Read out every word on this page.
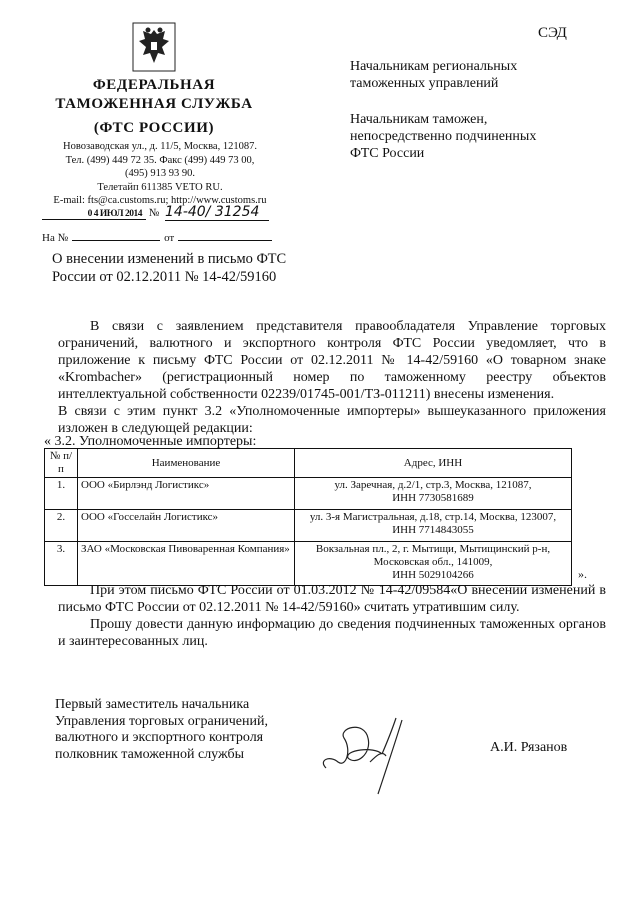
ФЕДЕРАЛЬНАЯ
ТАМОЖЕННАЯ СЛУЖБА
(ФТС РОССИИ)
Новозаводская ул., д. 11/5, Москва, 121087.
Тел. (499) 449 72 35. Факс (499) 449 73 00,
(495) 913 93 90.
Телетайп 611385 VETO RU.
E-mail: fts@ca.customs.ru; http://www.customs.ru
0 4 ИЮЛ 2014 № 14-40/ 31254
На №	от
СЭД
Начальникам региональных
таможенных управлений
Начальникам таможен,
непосредственно подчиненных
ФТС России
О внесении изменений в письмо ФТС
России от 02.12.2011 № 14-42/59160

В связи с заявлением представителя правообладателя Управление торговых ограничений, валютного и экспортного контроля ФТС России уведомляет, что в приложение к письму ФТС России от 02.12.2011 № 14-42/59160 «О товарном знаке «Krombacher» (регистрационный номер по таможенному реестру объектов интеллектуальной собственности 02239/01745-001/ТЗ-011211) внесены изменения.

В связи с этим пункт 3.2 «Уполномоченные импортеры» вышеуказанного приложения изложен в следующей редакции:

« 3.2. Уполномоченные импортеры:
№ п/п	Наименование	Адрес, ИНН
1.	ООО «Бирлэнд Логистикс»	ул. Заречная, д.2/1, стр.3, Москва, 121087,
ИНН 7730581689

2.	ООО «Госселайн Логистикс»	ул. 3-я Магистральная, д.18, стр.14, Москва, 123007,
ИНН 7714843055

3.	ЗАО «Московская Пивоваренная Компания»	Вокзальная пл., 2, г. Мытищи, Мытищинский р-н,
Московская обл., 141009,
ИНН 5029104266	».

При этом письмо ФТС России от 01.03.2012 № 14-42/09584«О внесении изменений в письмо ФТС России от 02.12.2011 № 14-42/59160» считать утратившим силу.

Прошу довести данную информацию до сведения подчиненных таможенных органов и заинтересованных лиц.

Первый заместитель начальника
Управления торговых ограничений,
валютного и экспортного контроля
полковник таможенной службы	А.И. Рязанов
